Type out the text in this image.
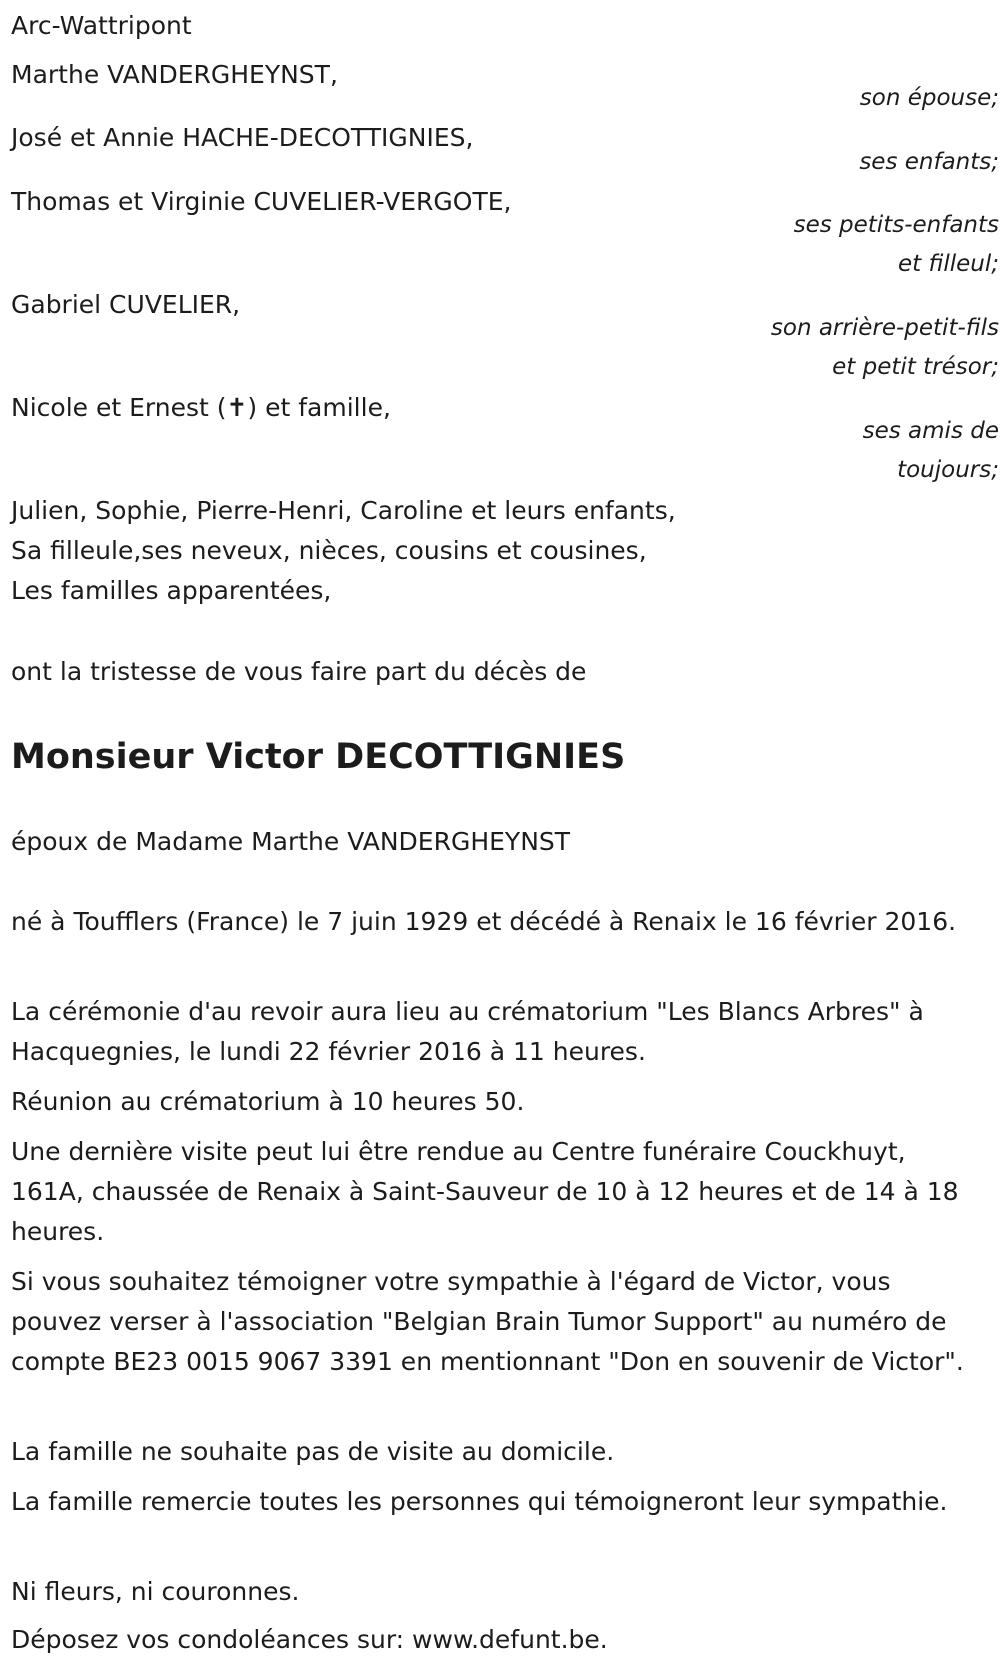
Arc-Wattripont
Marthe VANDERGHEYNST,
son épouse;
José et Annie HACHE-DECOTTIGNIES,
ses enfants;
Thomas et Virginie CUVELIER-VERGOTE,
ses petits-enfants
et filleul;
Gabriel CUVELIER,
son arrière-petit-fils
et petit trésor;
Nicole et Ernest (✝) et famille,
ses amis de
toujours;
Julien, Sophie, Pierre-Henri, Caroline et leurs enfants,
Sa filleule,ses neveux, nièces, cousins et cousines,
Les familles apparentées,
ont la tristesse de vous faire part du décès de
Monsieur Victor DECOTTIGNIES
époux de Madame Marthe VANDERGHEYNST
né à Toufflers (France) le 7 juin 1929 et décédé à Renaix le 16 février 2016.
La cérémonie d'au revoir aura lieu au crématorium "Les Blancs Arbres" à Hacquegnies, le lundi 22 février 2016 à 11 heures.
Réunion au crématorium à 10 heures 50.
Une dernière visite peut lui être rendue au Centre funéraire Couckhuyt, 161A, chaussée de Renaix à Saint-Sauveur de 10 à 12 heures et de 14 à 18 heures.
Si vous souhaitez témoigner votre sympathie à l'égard de Victor, vous pouvez verser à l'association "Belgian Brain Tumor Support" au numéro de compte BE23 0015 9067 3391 en mentionnant "Don en souvenir de Victor".
La famille ne souhaite pas de visite au domicile.
La famille remercie toutes les personnes qui témoigneront leur sympathie.
Ni fleurs, ni couronnes.
Déposez vos condoléances sur: www.defunt.be.
